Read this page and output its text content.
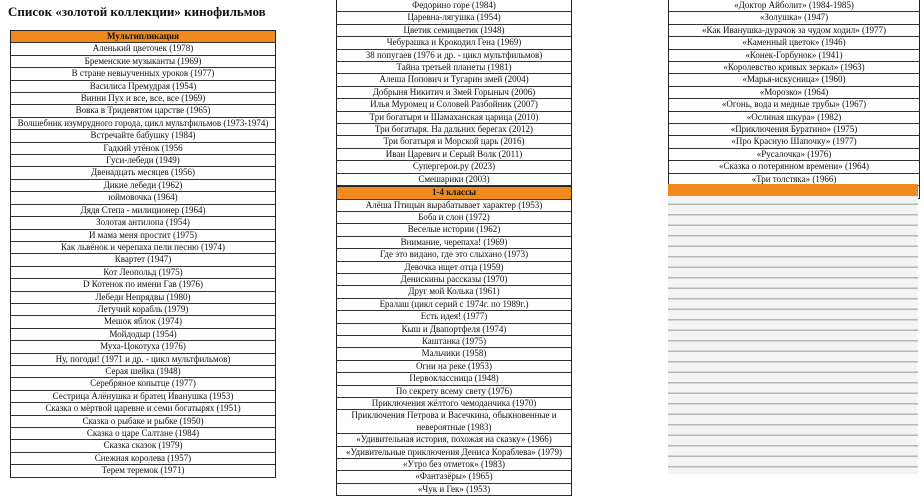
Список «золотой коллекции» кинофильмов
Мультипликация
Аленький цветочек (1978)
Бременские музыканты (1969)
В стране невыученных уроков (1977)
Василиса Премудрая (1954)
Винни Пух и все, все, все (1969)
Вовка в Тридевятом царстве (1965)
Волшебник изумрудного города, цикл мультфильмов (1973-1974)
Встречайте бабушку (1984)
Гадкий утёнок (1956
Гуси-лебеди (1949)
Двенадцать месяцев (1956)
Дикие лебеди (1962)
юймовочка (1964)
Дядя Степа - милиционер (1964)
Золотая антилопа (1954)
И мама меня простит (1975)
Как львёнок и черепаха пели песню (1974)
Квартет (1947)
Кот Леопольд (1975)
D Котенок по имени Гав (1976)
Лебеди Непрядвы (1980)
Летучий корабль (1979)
Мешок яблок (1974)
Мойдодыр (1954)
Муха-Цокотуха (1976)
Ну, погоди! (1971 и др. - цикл мультфильмов)
Серая шейка (1948)
Серебряное копытце (1977)
Сестрица Алёнушка и братец Иванушка (1953)
Сказка о мёртвой царевне и семи богатырях (1951)
Сказка о рыбаке и рыбке (1950)
Сказка о царе Салтане (1984)
Сказка сказок (1979)
Снежная королева (1957)
Терем теремок (1971)
Федорино горе (1984)
Царевна-лягушка (1954)
Цветик семицветик (1948)
Чебурашка и Крокодил Гена (1969)
38 попугаев (1976 и др. - цикл мультфильмов)
Тайна третьей планеты (1981)
Алеша Попович и Тугарин змей (2004)
Добрыня Никитич и Змей Горыныч (2006)
Илья Муромец и Соловей Разбойник (2007)
Три богатыря и Шамаханская царица (2010)
Три богатыря. На дальних берегах (2012)
Три богатыря и Морской царь (2016)
Иван Царевич и Серый Волк (2011)
Супергерои.ру (2023)
Смешарики (2003)
1-4 классы
Алёша Птицын вырабатывает характер (1953)
Боба и слон (1972)
Веселые истории (1962)
Внимание, черепаха! (1969)
Где это видано, где это слыхано (1973)
Девочка ищет отца (1959)
Денискины рассказы (1970)
Друг мой Колька (1961)
Ералаш (цикл серий с 1974г. по 1989г.)
Есть идея! (1977)
Кыш и Двапортфеля (1974)
Каштанка (1975)
Мальчики (1958)
Огни на реке (1953)
Первоклассница (1948)
По секрету всему свету (1976)
Приключения жёлтого чемоданчика (1970)
Приключения Петрова и Васечкина, обыкновенные и невероятные (1983)
«Удивительная история, похожая на сказку» (1966)
«Удивительные приключения Дениса Кораблева» (1979)
«Утро без отметок» (1983)
«Фантазёры» (1965)
«Чук и Гек» (1953)
«Доктор Айболит» (1984-1985)
«Золушка» (1947)
«Как Иванушка-дурачок за чудом ходил» (1977)
«Каменный цветок» (1946)
«Конек-Горбунок» (1941)
«Королевство кривых зеркал» (1963)
«Марья-искусница» (1960)
«Морозко» (1964)
«Огонь, вода и медные трубы» (1967)
«Ослиная шкура» (1982)
«Приключения Буратино» (1975)
«Про Красную Шапочку» (1977)
«Русалочка» (1976)
«Сказка о потерянном времени» (1964)
«Три толстяка» (1966)
